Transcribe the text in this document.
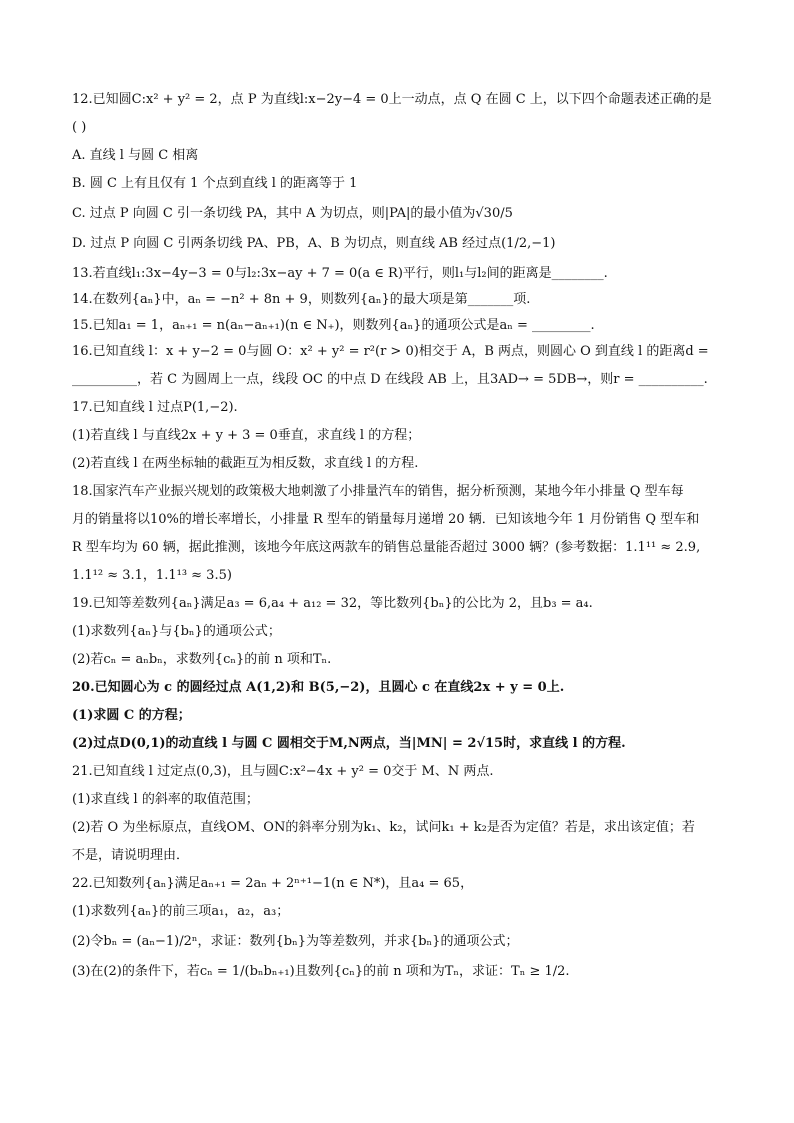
12.已知圆C:x² + y² = 2，点 P 为直线l:x−2y−4 = 0上一动点，点 Q 在圆 C 上，以下四个命题表述正确的是

( )

A. 直线 l 与圆 C 相离

B. 圆 C 上有且仅有 1 个点到直线 l 的距离等于 1

C. 过点 P 向圆 C 引一条切线 PA，其中 A 为切点，则|PA|的最小值为√30/5

D. 过点 P 向圆 C 引两条切线 PA、PB，A、B 为切点，则直线 AB 经过点(1/2,−1)

13.若直线l₁:3x−4y−3 = 0与l₂:3x−ay + 7 = 0(a ∈ R)平行，则l₁与l₂间的距离是________.

14.在数列{aₙ}中，aₙ = −n² + 8n + 9，则数列{aₙ}的最大项是第_______项.

15.已知a₁ = 1，aₙ₊₁ = n(aₙ−aₙ₊₁)(n ∈ N₊)，则数列{aₙ}的通项公式是aₙ = _________.

16.已知直线 l：x + y−2 = 0与圆 O：x² + y² = r²(r > 0)相交于 A，B 两点，则圆心 O 到直线 l 的距离d =

__________，若 C 为圆周上一点，线段 OC 的中点 D 在线段 AB 上，且3AD→ = 5DB→，则r = __________.

17.已知直线 l 过点P(1,−2).

(1)若直线 l 与直线2x + y + 3 = 0垂直，求直线 l 的方程；

(2)若直线 l 在两坐标轴的截距互为相反数，求直线 l 的方程.

18.国家汽车产业振兴规划的政策极大地刺激了小排量汽车的销售，据分析预测，某地今年小排量 Q 型车每

月的销量将以10%的增长率增长，小排量 R 型车的销量每月递增 20 辆．已知该地今年 1 月份销售 Q 型车和

R 型车均为 60 辆，据此推测，该地今年底这两款车的销售总量能否超过 3000 辆？(参考数据：1.1¹¹ ≈ 2.9,

1.1¹² ≈ 3.1，1.1¹³ ≈ 3.5)

19.已知等差数列{aₙ}满足a₃ = 6,a₄ + a₁₂ = 32，等比数列{bₙ}的公比为 2，且b₃ = a₄.

(1)求数列{aₙ}与{bₙ}的通项公式；

(2)若cₙ = aₙbₙ，求数列{cₙ}的前 n 项和Tₙ.

20.已知圆心为 c 的圆经过点 A(1,2)和 B(5,−2)，且圆心 c 在直线2x + y = 0上.

(1)求圆 C 的方程；

(2)过点D(0,1)的动直线 l 与圆 C 圆相交于M,N两点，当|MN| = 2√15时，求直线 l 的方程.

21.已知直线 l 过定点(0,3)，且与圆C:x²−4x + y² = 0交于 M、N 两点.

(1)求直线 l 的斜率的取值范围；

(2)若 O 为坐标原点，直线OM、ON的斜率分别为k₁、k₂，试问k₁ + k₂是否为定值？若是，求出该定值；若

不是，请说明理由．

22.已知数列{aₙ}满足aₙ₊₁ = 2aₙ + 2ⁿ⁺¹−1(n ∈ N*)，且a₄ = 65，

(1)求数列{aₙ}的前三项a₁，a₂，a₃；

(2)令bₙ = (aₙ−1)/2ⁿ，求证：数列{bₙ}为等差数列，并求{bₙ}的通项公式；

(3)在(2)的条件下，若cₙ = 1/(bₙbₙ₊₁)且数列{cₙ}的前 n 项和为Tₙ，求证：Tₙ ≥ 1/2.
